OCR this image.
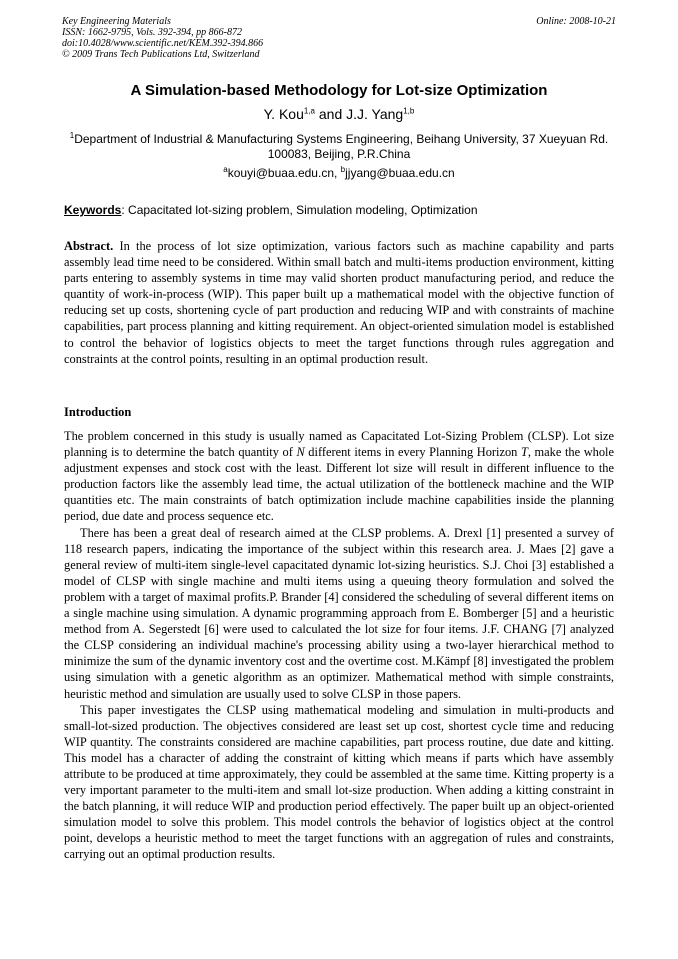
Key Engineering Materials
ISSN: 1662-9795, Vols. 392-394, pp 866-872
doi:10.4028/www.scientific.net/KEM.392-394.866
© 2009 Trans Tech Publications Ltd, Switzerland
Online: 2008-10-21
A Simulation-based Methodology for Lot-size Optimization
Y. Kou$^{1,a}$ and J.J. Yang$^{1,b}$
$^1$Department of Industrial & Manufacturing Systems Engineering, Beihang University, 37 Xueyuan Rd. 100083, Beijing, P.R.China
$^a$kouyi@buaa.edu.cn, $^b$jjyang@buaa.edu.cn
Keywords: Capacitated lot-sizing problem, Simulation modeling, Optimization

Abstract. In the process of lot size optimization, various factors such as machine capability and parts assembly lead time need to be considered. Within small batch and multi-items production environment, kitting parts entering to assembly systems in time may valid shorten product manufacturing period, and reduce the quantity of work-in-process (WIP). This paper built up a mathematical model with the objective function of reducing set up costs, shortening cycle of part production and reducing WIP and with constraints of machine capabilities, part process planning and kitting requirement. An object-oriented simulation model is established to control the behavior of logistics objects to meet the target functions through rules aggregation and constraints at the control points, resulting in an optimal production result.

Introduction

The problem concerned in this study is usually named as Capacitated Lot-Sizing Problem (CLSP). Lot size planning is to determine the batch quantity of N different items in every Planning Horizon T, make the whole adjustment expenses and stock cost with the least. Different lot size will result in different influence to the production factors like the assembly lead time, the actual utilization of the bottleneck machine and the WIP quantities etc. The main constraints of batch optimization include machine capabilities inside the planning period, due date and process sequence etc.

There has been a great deal of research aimed at the CLSP problems. A. Drexl [1] presented a survey of 118 research papers, indicating the importance of the subject within this research area. J. Maes [2] gave a general review of multi-item single-level capacitated dynamic lot-sizing heuristics. S.J. Choi [3] established a model of CLSP with single machine and multi items using a queuing theory formulation and solved the problem with a target of maximal profits.P. Brander [4] considered the scheduling of several different items on a single machine using simulation. A dynamic programming approach from E. Bomberger [5] and a heuristic method from A. Segerstedt [6] were used to calculated the lot size for four items. J.F. CHANG [7] analyzed the CLSP considering an individual machine's processing ability using a two-layer hierarchical method to minimize the sum of the dynamic inventory cost and the overtime cost. M.Kämpf [8] investigated the problem using simulation with a genetic algorithm as an optimizer. Mathematical method with simple constraints, heuristic method and simulation are usually used to solve CLSP in those papers.

This paper investigates the CLSP using mathematical modeling and simulation in multi-products and small-lot-sized production. The objectives considered are least set up cost, shortest cycle time and reducing WIP quantity. The constraints considered are machine capabilities, part process routine, due date and kitting. This model has a character of adding the constraint of kitting which means if parts which have assembly attribute to be produced at time approximately, they could be assembled at the same time. Kitting property is a very important parameter to the multi-item and small lot-size production. When adding a kitting constraint in the batch planning, it will reduce WIP and production period effectively. The paper built up an object-oriented simulation model to solve this problem. This model controls the behavior of logistics object at the control point, develops a heuristic method to meet the target functions with an aggregation of rules and constraints, carrying out an optimal production results.
